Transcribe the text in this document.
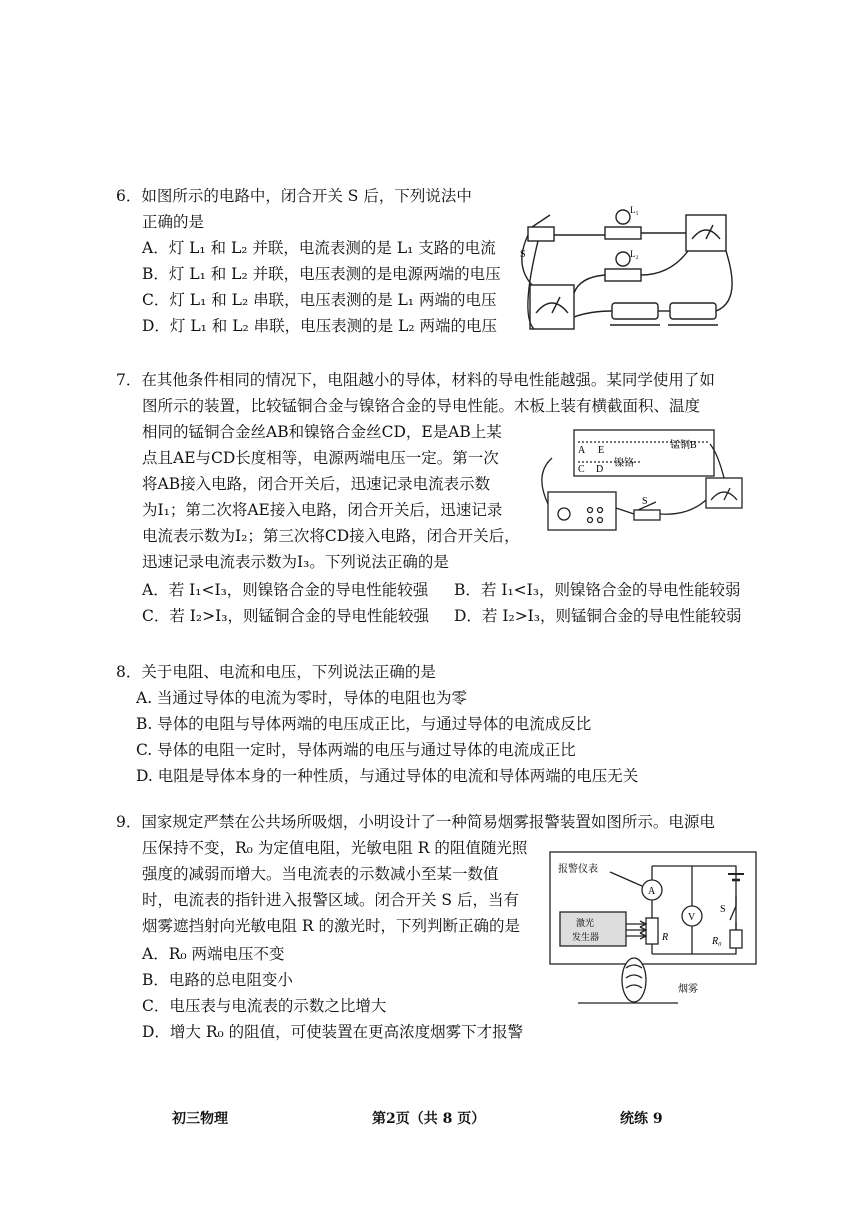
6．如图所示的电路中，闭合开关 S 后，下列说法中
正确的是
A．灯 L₁ 和 L₂ 并联，电流表测的是 L₁ 支路的电流
B．灯 L₁ 和 L₂ 并联，电压表测的是电源两端的电压
C．灯 L₁ 和 L₂ 串联，电压表测的是 L₁ 两端的电压
D．灯 L₁ 和 L₂ 串联，电压表测的是 L₂ 两端的电压
S
L₁
L₂
7．在其他条件相同的情况下，电阻越小的导体，材料的导电性能越强。某同学使用了如
图所示的装置，比较锰铜合金与镍铬合金的导电性能。木板上装有横截面积、温度
相同的锰铜合金丝AB和镍铬合金丝CD，E是AB上某
点且AE与CD长度相等，电源两端电压一定。第一次
将AB接入电路，闭合开关后，迅速记录电流表示数
为I₁；第二次将AE接入电路，闭合开关后，迅速记录
电流表示数为I₂；第三次将CD接入电路，闭合开关后，
迅速记录电流表示数为I₃。下列说法正确的是
A．若 I₁<I₃，则镍铬合金的导电性能较强 B．若 I₁<I₃，则镍铬合金的导电性能较弱
C．若 I₂>I₃，则锰铜合金的导电性能较强 D．若 I₂>I₃，则锰铜合金的导电性能较弱
A E	锰铜B
镍铬
C D
S
8．关于电阻、电流和电压，下列说法正确的是
A. 当通过导体的电流为零时，导体的电阻也为零
B. 导体的电阻与导体两端的电压成正比，与通过导体的电流成反比
C. 导体的电阻一定时，导体两端的电压与通过导体的电流成正比
D. 电阻是导体本身的一种性质，与通过导体的电流和导体两端的电压无关
9．国家规定严禁在公共场所吸烟，小明设计了一种简易烟雾报警装置如图所示。电源电
压保持不变，R₀ 为定值电阻，光敏电阻 R 的阻值随光照
强度的减弱而增大。当电流表的示数减小至某一数值
时，电流表的指针进入报警区域。闭合开关 S 后，当有
烟雾遮挡射向光敏电阻 R 的激光时，下列判断正确的是
A．R₀ 两端电压不变
B．电路的总电阻变小
C．电压表与电流表的示数之比增大
D．增大 R₀ 的阻值，可使装置在更高浓度烟雾下才报警
报警仪表
A
V
S
R	R₀
激光
发生器
烟雾
初三物理	第2页（共 8 页）	统练 9
